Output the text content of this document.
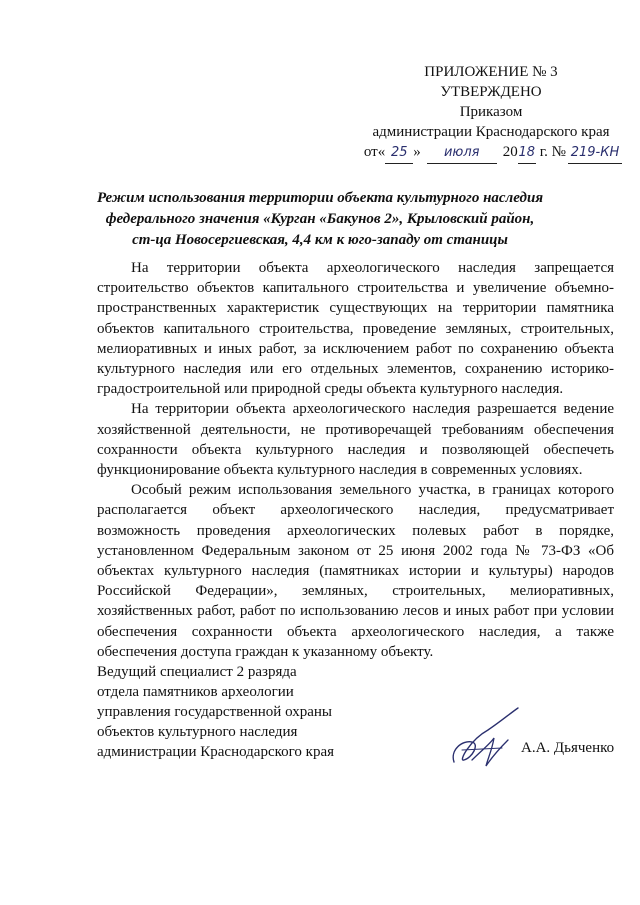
ПРИЛОЖЕНИЕ № 3
УТВЕРЖДЕНО
Приказом
администрации Краснодарского края
от« 25 »	июля	20 18 г. № 219-КН
Режим использования территории объекта культурного наследия
федерального значения «Курган «Бакунов 2», Крыловский район,
ст-ца Новосергиевская, 4,4 км к юго-западу от станицы

На территории объекта археологического наследия запрещается строительство объектов капитального строительства и увеличение объемно-пространственных характеристик существующих на территории памятника объектов капитального строительства, проведение земляных, строительных, мелиоративных и иных работ, за исключением работ по сохранению объекта культурного наследия или его отдельных элементов, сохранению историко-градостроительной или природной среды объекта культурного наследия.

На территории объекта археологического наследия разрешается ведение хозяйственной деятельности, не противоречащей требованиям обеспечения сохранности объекта культурного наследия и позволяющей обеспечеть функционирование объекта культурного наследия в современных условиях.

Особый режим использования земельного участка, в границах которого располагается объект археологического наследия, предусматривает возможность проведения археологических полевых работ в порядке, установленном Федеральным законом от 25 июня 2002 года № 73-ФЗ «Об объектах культурного наследия (памятниках истории и культуры) народов Российской Федерации», земляных, строительных, мелиоративных, хозяйственных работ, работ по использованию лесов и иных работ при условии обеспечения сохранности объекта археологического наследия, а также обеспечения доступа граждан к указанному объекту.

Ведущий специалист 2 разряда
отдела памятников археологии
управления государственной охраны
объектов культурного наследия
администрации Краснодарского края	А.А. Дьяченко
